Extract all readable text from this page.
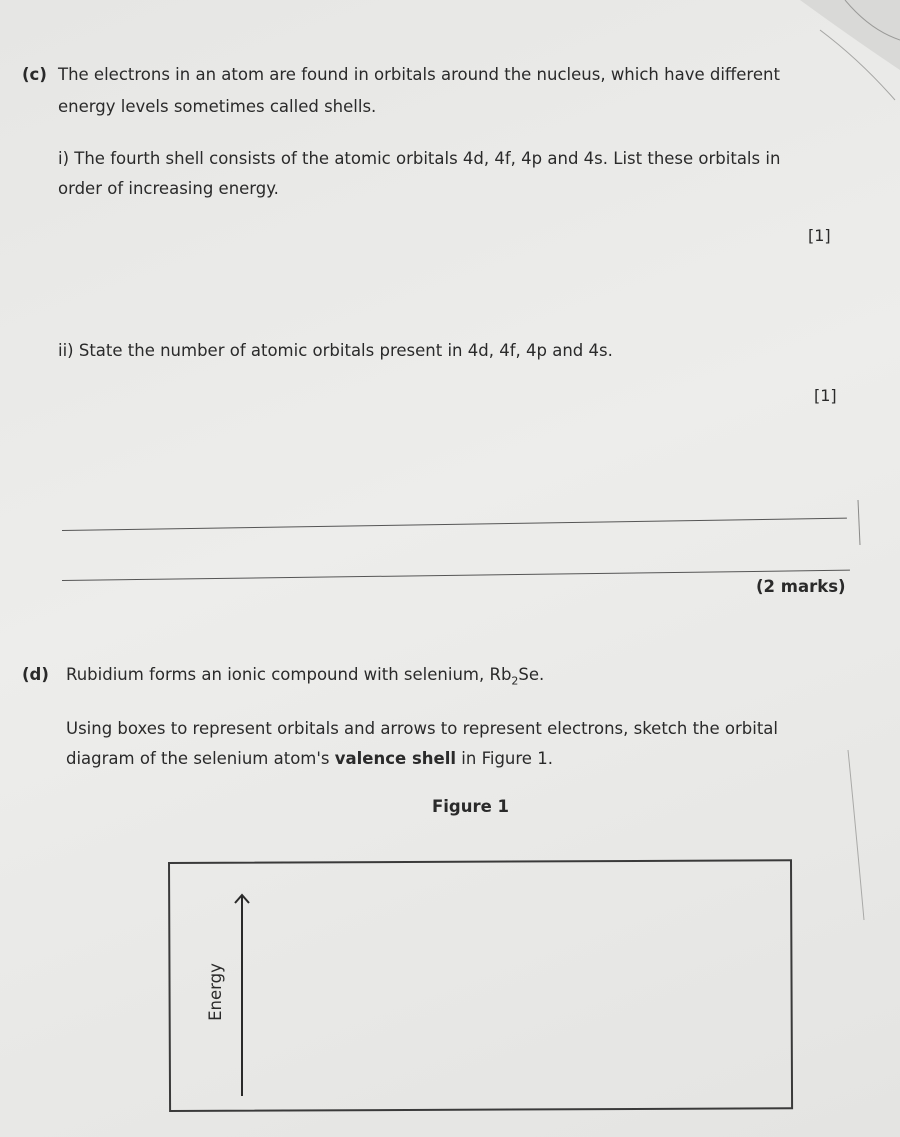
(c) The electrons in an atom are found in orbitals around the nucleus, which have different

energy levels sometimes called shells.

i) The fourth shell consists of the atomic orbitals 4d, 4f, 4p and 4s. List these orbitals in

order of increasing energy.

[1]

ii) State the number of atomic orbitals present in 4d, 4f, 4p and 4s.

[1]
(2 marks)
(d) Rubidium forms an ionic compound with selenium, $Rb_2Se$.

Using boxes to represent orbitals and arrows to represent electrons, sketch the orbital

diagram of the selenium atom's valence shell in Figure 1.

Figure 1
Energy
